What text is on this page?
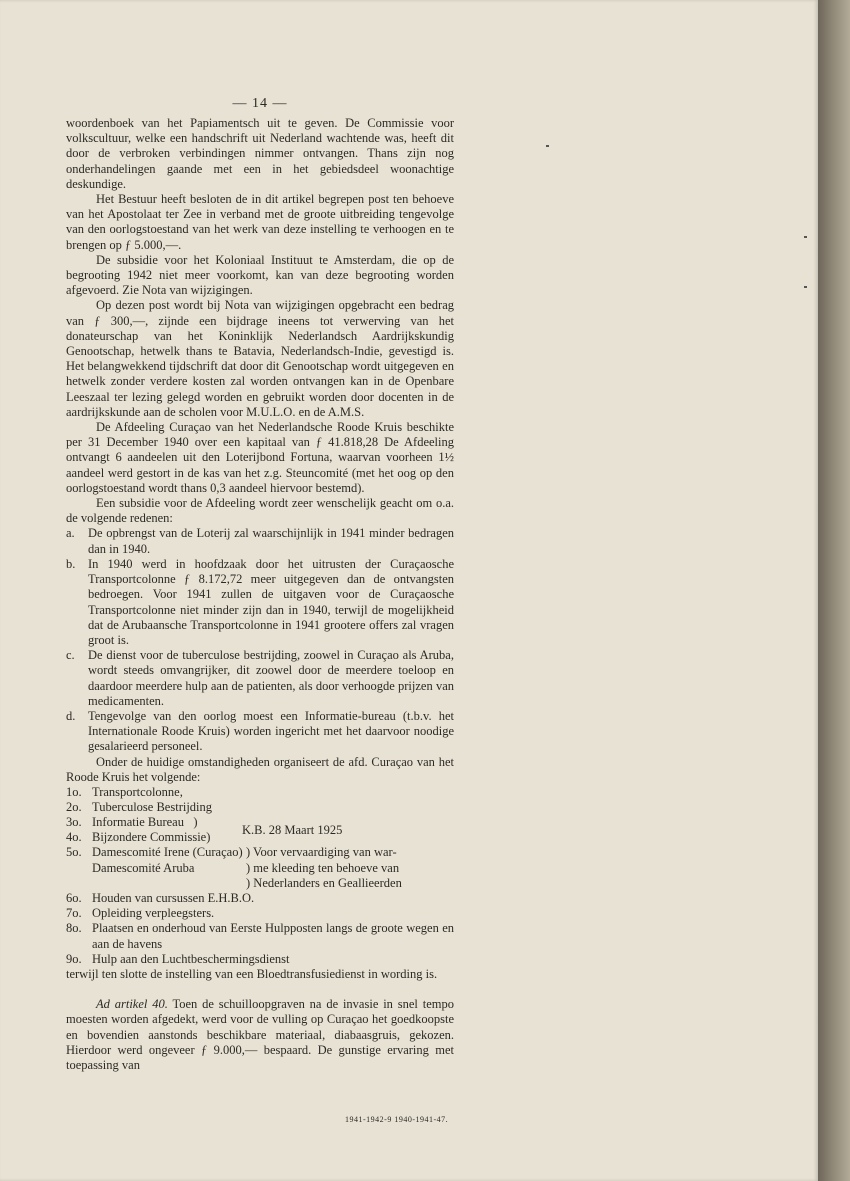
— 14 —

woordenboek van het Papiamentsch uit te geven. De Commissie voor volkscultuur, welke een handschrift uit Nederland wachtende was, heeft dit door de verbroken verbindingen nimmer ontvangen. Thans zijn nog onderhandelingen gaande met een in het gebiedsdeel woonachtige deskundige.

Het Bestuur heeft besloten de in dit artikel begrepen post ten behoeve van het Apostolaat ter Zee in verband met de groote uitbreiding tengevolge van den oorlogstoestand van het werk van deze instelling te verhoogen en te brengen op ƒ 5.000,—.

De subsidie voor het Koloniaal Instituut te Amsterdam, die op de begrooting 1942 niet meer voorkomt, kan van deze begrooting worden afgevoerd. Zie Nota van wijzigingen.

Op dezen post wordt bij Nota van wijzigingen opgebracht een bedrag van ƒ 300,—, zijnde een bijdrage ineens tot verwerving van het donateurschap van het Koninklijk Nederlandsch Aardrijkskundig Genootschap, hetwelk thans te Batavia, Nederlandsch-Indie, gevestigd is. Het belangwekkend tijdschrift dat door dit Genootschap wordt uitgegeven en hetwelk zonder verdere kosten zal worden ontvangen kan in de Openbare Leeszaal ter lezing gelegd worden en gebruikt worden door docenten in de aardrijkskunde aan de scholen voor M.U.L.O. en de A.M.S.

De Afdeeling Curaçao van het Nederlandsche Roode Kruis beschikte per 31 December 1940 over een kapitaal van ƒ 41.818,28 De Afdeeling ontvangt 6 aandeelen uit den Loterijbond Fortuna, waarvan voorheen 1½ aandeel werd gestort in de kas van het z.g. Steuncomité (met het oog op den oorlogstoestand wordt thans 0,3 aandeel hiervoor bestemd).

Een subsidie voor de Afdeeling wordt zeer wenschelijk geacht om o.a. de volgende redenen:

a.	De opbrengst van de Loterij zal waarschijnlijk in 1941 minder bedragen dan in 1940.
b.	In 1940 werd in hoofdzaak door het uitrusten der Curaçaosche Transportcolonne ƒ 8.172,72 meer uitgegeven dan de ontvangsten bedroegen. Voor 1941 zullen de uitgaven voor de Curaçaosche Transportcolonne niet minder zijn dan in 1940, terwijl de mogelijkheid dat de Arubaansche Transportcolonne in 1941 grootere offers zal vragen groot is.
c.	De dienst voor de tuberculose bestrijding, zoowel in Curaçao als Aruba, wordt steeds omvangrijker, dit zoowel door de meerdere toeloop en daardoor meerdere hulp aan de patienten, als door verhoogde prijzen van medicamenten.
d.	Tengevolge van den oorlog moest een Informatie-bureau (t.b.v. het Internationale Roode Kruis) worden ingericht met het daarvoor noodige gesalarieerd personeel.

Onder de huidige omstandigheden organiseert de afd. Curaçao van het Roode Kruis het volgende:

1o. Transportcolonne,
2o. Tuberculose Bestrijding
3o. Informatie Bureau   )
4o. Bijzondere Commissie)	K.B. 28 Maart 1925
5o. Damescomité Irene (Curaçao)
Damescomité Aruba

) Voor vervaardiging van war-
) me kleeding ten behoeve van
) Nederlanders en Geallieerden
6o. Houden van cursussen E.H.B.O.
7o. Opleiding verpleegsters.
8o. Plaatsen en onderhoud van Eerste Hulpposten langs de groote wegen en aan de havens
9o. Hulp aan den Luchtbeschermingsdienst

terwijl ten slotte de instelling van een Bloedtransfusiedienst in wording is.

Ad artikel 40. Toen de schuilloopgraven na de invasie in snel tempo moesten worden afgedekt, werd voor de vulling op Curaçao het goedkoopste en bovendien aanstonds beschikbare materiaal, diabaasgruis, gekozen. Hierdoor werd ongeveer ƒ 9.000,— bespaard. De gunstige ervaring met toepassing van

1941-1942-9 1940-1941-47.
